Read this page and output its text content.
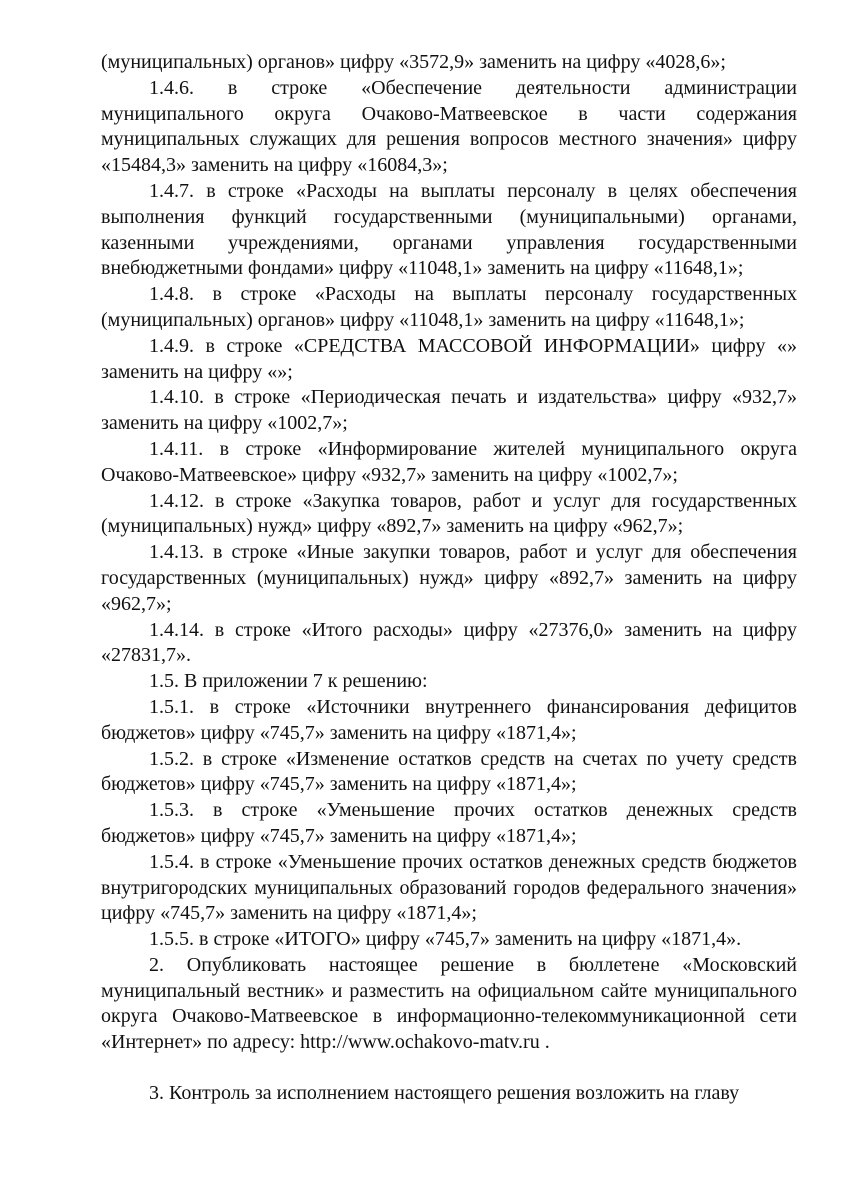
(муниципальных) органов» цифру «3572,9» заменить на цифру «4028,6»;

1.4.6. в строке «Обеспечение деятельности администрации муниципального округа Очаково-Матвеевское в части содержания муниципальных служащих для решения вопросов местного значения» цифру «15484,3» заменить на цифру «16084,3»;

1.4.7. в строке «Расходы на выплаты персоналу в целях обеспечения выполнения функций государственными (муниципальными) органами, казенными учреждениями, органами управления государственными внебюджетными фондами» цифру «11048,1» заменить на цифру «11648,1»;

1.4.8. в строке «Расходы на выплаты персоналу государственных (муниципальных) органов» цифру «11048,1» заменить на цифру «11648,1»;

1.4.9. в строке «СРЕДСТВА МАССОВОЙ ИНФОРМАЦИИ» цифру «» заменить на цифру «»;

1.4.10. в строке «Периодическая печать и издательства» цифру «932,7» заменить на цифру «1002,7»;

1.4.11. в строке «Информирование жителей муниципального округа Очаково-Матвеевское» цифру «932,7» заменить на цифру «1002,7»;

1.4.12. в строке «Закупка товаров, работ и услуг для государственных (муниципальных) нужд» цифру «892,7» заменить на цифру «962,7»;

1.4.13. в строке «Иные закупки товаров, работ и услуг для обеспечения государственных (муниципальных) нужд» цифру «892,7» заменить на цифру «962,7»;

1.4.14. в строке «Итого расходы» цифру «27376,0» заменить на цифру «27831,7».

1.5. В приложении 7 к решению:

1.5.1. в строке «Источники внутреннего финансирования дефицитов бюджетов» цифру «745,7» заменить на цифру «1871,4»;

1.5.2. в строке «Изменение остатков средств на счетах по учету средств бюджетов» цифру «745,7» заменить на цифру «1871,4»;

1.5.3. в строке «Уменьшение прочих остатков денежных средств бюджетов» цифру «745,7» заменить на цифру «1871,4»;

1.5.4. в строке «Уменьшение прочих остатков денежных средств бюджетов внутригородских муниципальных образований городов федерального значения» цифру «745,7» заменить на цифру «1871,4»;

1.5.5. в строке «ИТОГО» цифру «745,7» заменить на цифру «1871,4».

2. Опубликовать настоящее решение в бюллетене «Московский муниципальный вестник» и разместить на официальном сайте муниципального округа Очаково-Матвеевское в информационно-телекоммуникационной сети «Интернет» по адресу: http://www.ochakovo-matv.ru .

3. Контроль за исполнением настоящего решения возложить на главу
